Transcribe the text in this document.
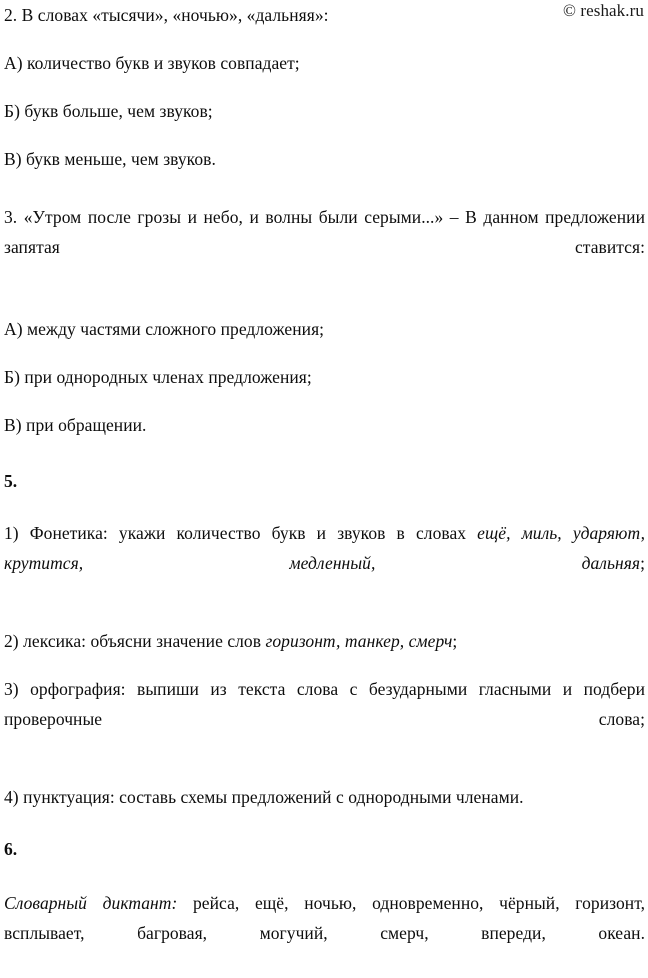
© reshak.ru

2. В словах «тысячи», «ночью», «дальняя»:

А) количество букв и звуков совпадает;

Б) букв больше, чем звуков;

В) букв меньше, чем звуков.

3. «Утром после грозы и небо, и волны были серыми...» – В данном предложении запятая ставится:

А) между частями сложного предложения;

Б) при однородных членах предложения;

В) при обращении.

5.

1) Фонетика: укажи количество букв и звуков в словах ещё, миль, ударяют, крутится, медленный, дальняя;

2) лексика: объясни значение слов горизонт, танкер, смерч;

3) орфография: выпиши из текста слова с безударными гласными и подбери проверочные слова;

4) пунктуация: составь схемы предложений с однородными членами.

6.

Словарный диктант: рейса, ещё, ночью, одновременно, чёрный, горизонт, всплывает, багровая, могучий, смерч, впереди, океан.
